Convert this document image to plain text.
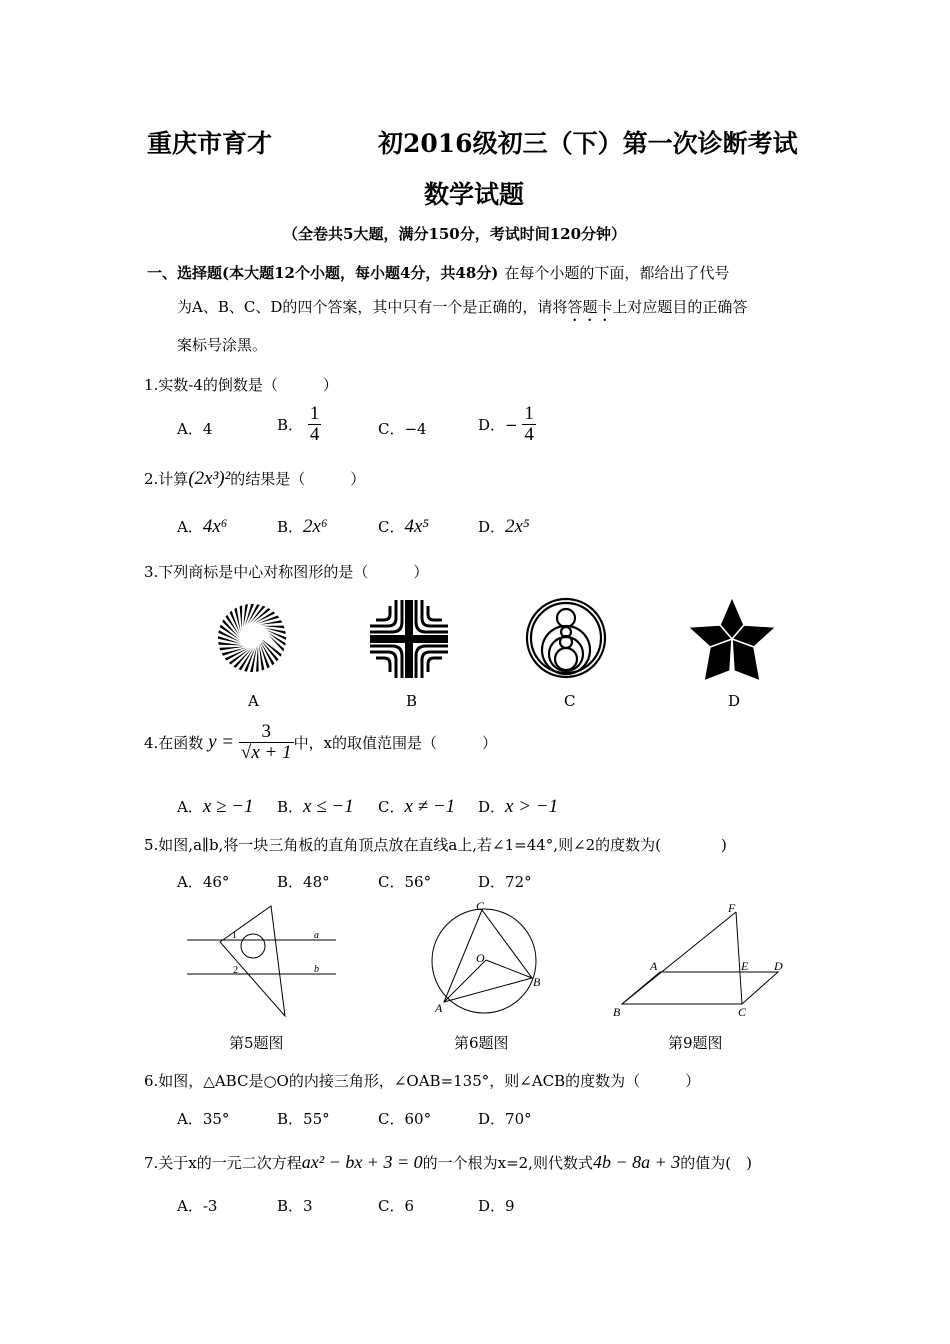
重庆市育才	初2016级初三（下）第一次诊断考试
数学试题
（全卷共5大题，满分150分，考试时间120分钟）
一、选择题(本大题12个小题，每小题4分，共48分) 在每个小题的下面，都给出了代号
为A、B、C、D的四个答案，其中只有一个是正确的，请将答题卡上对应题目的正确答
案标号涂黑。
1.实数-4的倒数是（　　　）
A．4	B． $\frac{1}{4}$	C．−4	D．− $\frac{1}{4}$
2.计算(2x³)²的结果是（　　　）
A．4x⁶	B．2x⁶	C．4x⁵	D．2x⁵
3.下列商标是中心对称图形的是（　　　）
A	B	C	D
4.在函数 $y = \frac{3}{√x + 1}$ 中，x的取值范围是（　　　）
A．x ≥ −1 B．x ≤ −1 C．x ≠ −1 D．x > −1
5.如图,a∥b,将一块三角板的直角顶点放在直线a上,若∠1=44°,则∠2的度数为(　　　　)
A．46°	B．48°	C．56°	D．72°
1
2
a
b
第5题图
C
O
A
B
第6题图
F
A	E D
B	C
第9题图
6.如图，△ABC是○O的内接三角形，∠OAB=135°，则∠ACB的度数为（　　　）
A．35°	B．55°	C．60°	D．70°
7.关于x的一元二次方程ax² − bx + 3 = 0的一个根为x=2,则代数式4b − 8a + 3的值为(　)
A．-3	B．3	C．6	D．9
